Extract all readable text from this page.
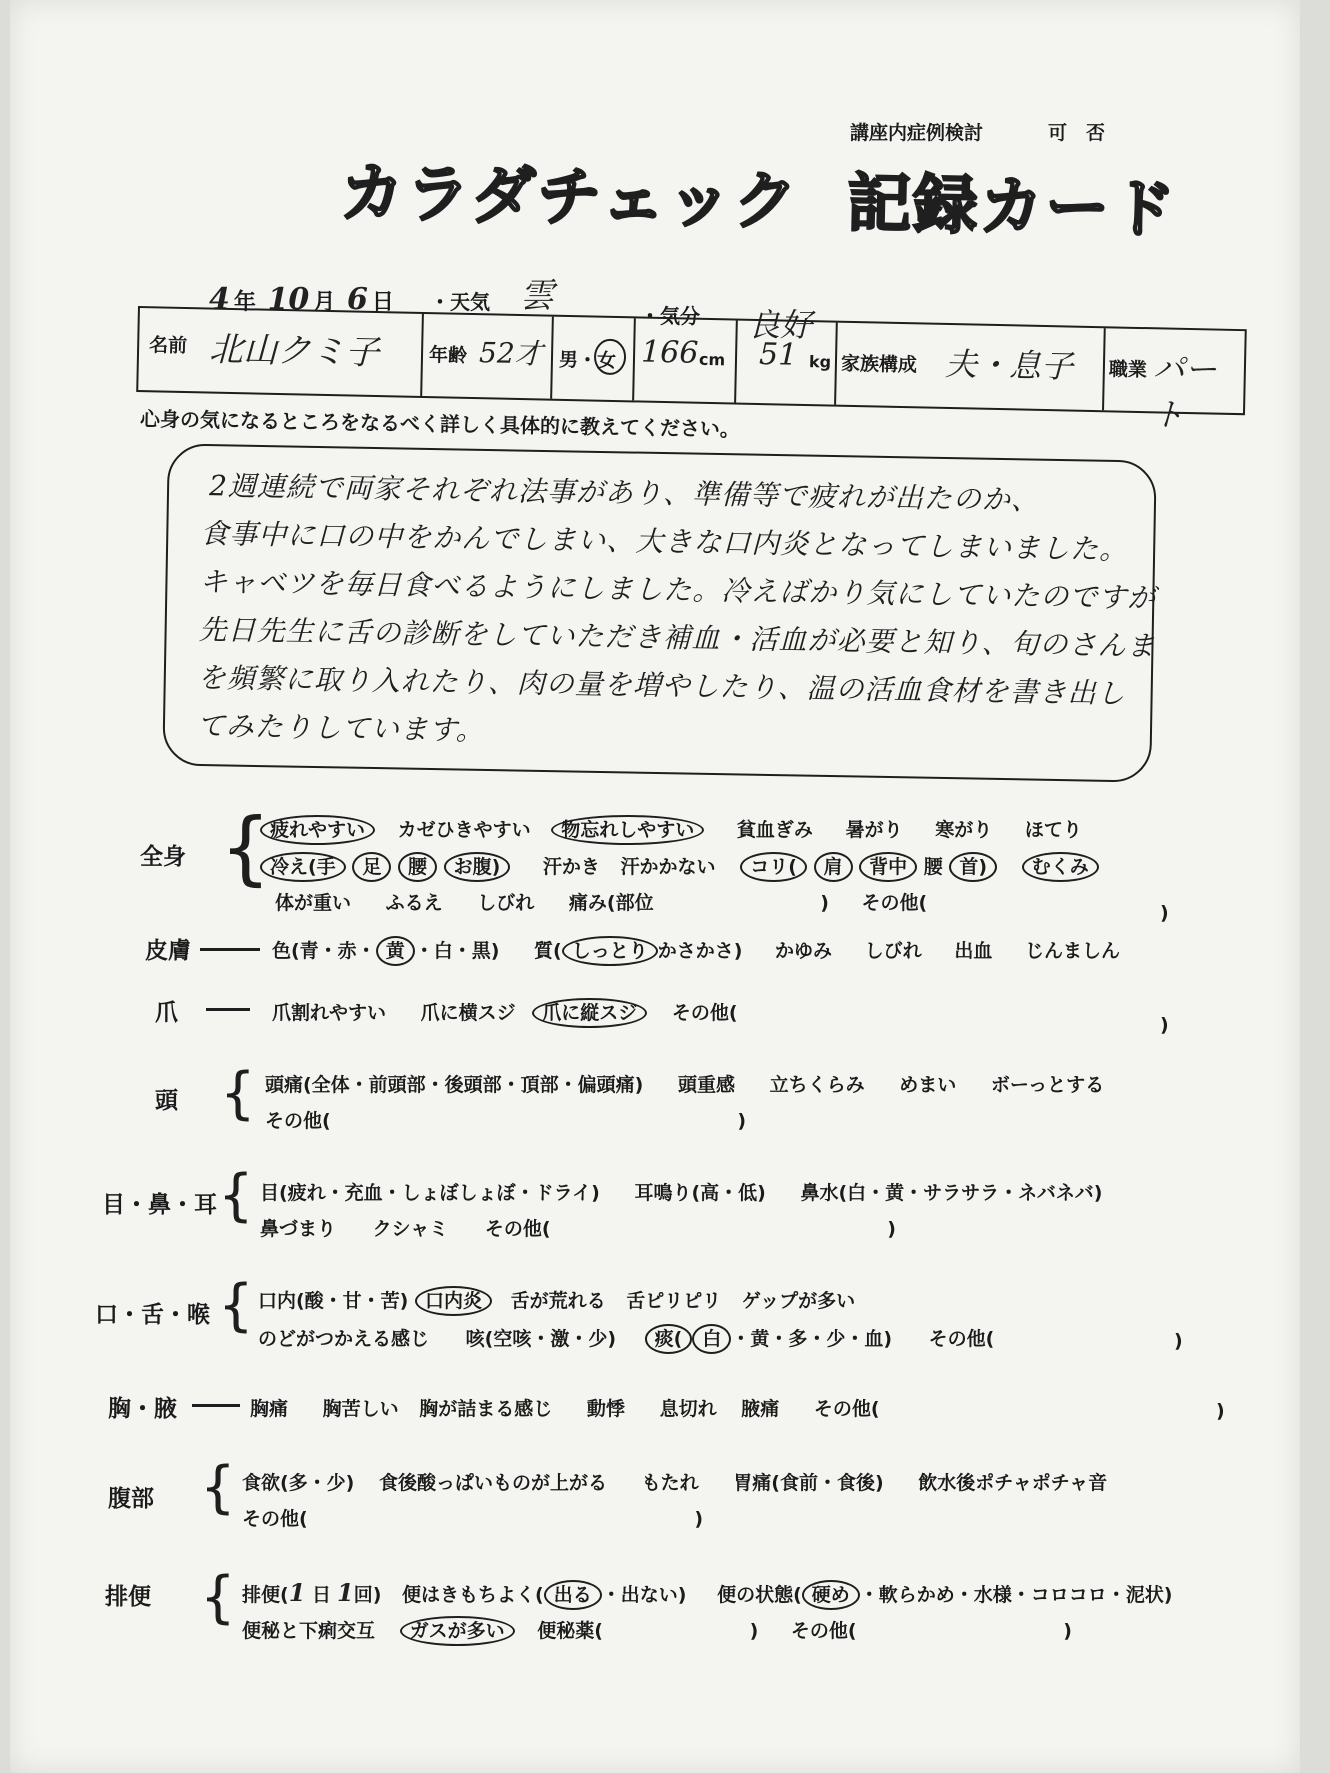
講座内症例検討	可　否
カラダチェック 記録カード
4 年 10 月 6 日 ・天気 雲	・気分 良好
名前 北山クミ子	年齢 52才 男・女 166 cm 51 kg 家族構成 夫・息子 職業 パート
心身の気になるところをなるべく詳しく具体的に教えてください。
2週連続で両家それぞれ法事があり、準備等で疲れが出たのか、
食事中に口の中をかんでしまい、大きな口内炎となってしまいました。
キャベツを毎日食べるようにしました。冷えばかり気にしていたのですが
先日先生に舌の診断をしていただき補血・活血が必要と知り、旬のさんま
を頻繁に取り入れたり、肉の量を増やしたり、温の活血食材を書き出し
てみたりしています。
全身 { 疲れやすい カゼひきやすい 物忘れしやすい 貧血ぎみ 暑がり 寒がり ほてり
冷え(手 足 腰 お腹) 汗かき 汗かかない コリ( 肩 背中 腰 首) むくみ
体が重い ふるえ しびれ 痛み(部位	) その他(	)
皮膚	色(青・赤・ 黄 ・白・黒) 質( しっとり かさかさ) かゆみ しびれ 出血 じんましん
爪	爪割れやすい 爪に横スジ 爪に縦スジ その他(
)
頭 { 頭痛(全体・前頭部・後頭部・頂部・偏頭痛) 頭重感 立ちくらみ めまい ボーっとする
その他(	)
目・鼻・耳 { 目(疲れ・充血・しょぼしょぼ・ドライ) 耳鳴り(高・低) 鼻水(白・黄・サラサラ・ネバネバ)
鼻づまり クシャミ その他(	)
口・舌・喉 { 口内(酸・甘・苦) 口内炎 舌が荒れる 舌ピリピリ ゲップが多い
のどがつかえる感じ 咳(空咳・激・少) 痰( 白 ・黄・多・少・血) その他(	)
胸・腋	胸痛 胸苦しい 胸が詰まる感じ 動悸 息切れ 腋痛 その他(	)
腹部 { 食欲(多・少) 食後酸っぱいものが上がる もたれ 胃痛(食前・食後) 飲水後ポチャポチャ音
その他(	)
排便 { 排便(1 日 1回) 便はきもちよく( 出る ・出ない) 便の状態( 硬め ・軟らかめ・水様・コロコロ・泥状)
便秘と下痢交互 ガスが多い 便秘薬(	) その他(	)
